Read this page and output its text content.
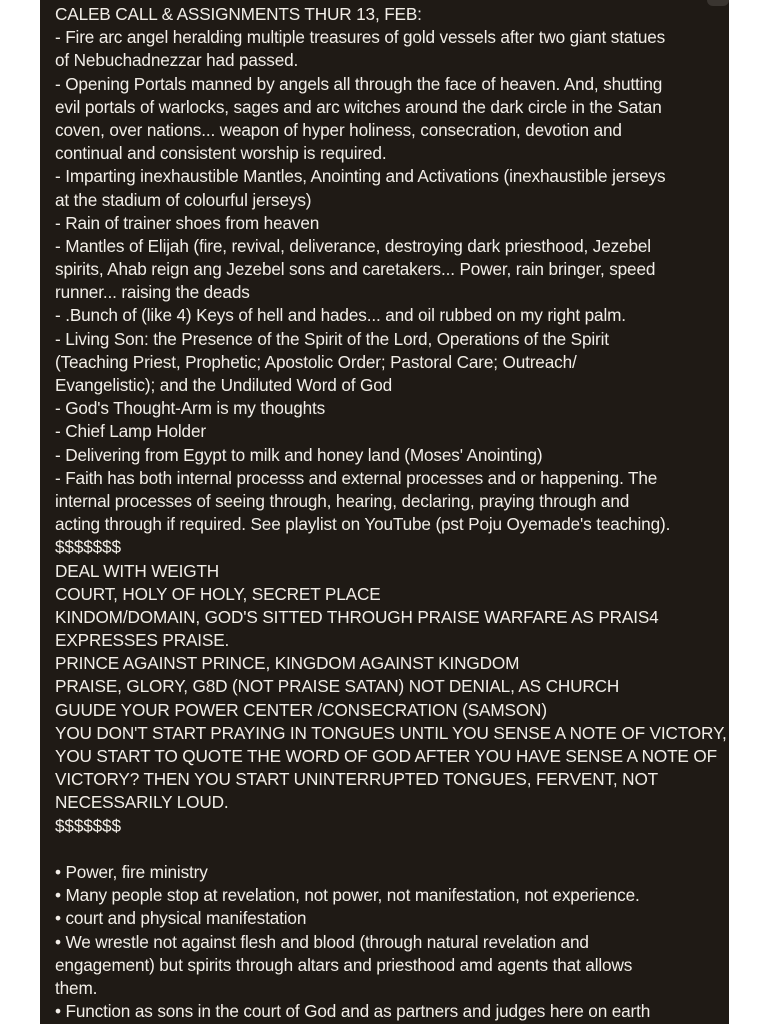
CALEB CALL & ASSIGNMENTS THUR 13, FEB:
- Fire arc angel heralding multiple treasures of gold vessels after two giant statues
of Nebuchadnezzar had passed.
- Opening Portals manned by angels all through the face of heaven. And, shutting
evil portals of warlocks, sages and arc witches around the dark circle in the Satan
coven, over nations... weapon of hyper holiness, consecration, devotion and
continual and consistent worship is required.
- Imparting inexhaustible Mantles, Anointing and Activations (inexhaustible jerseys
at the stadium of colourful jerseys)
- Rain of trainer shoes from heaven
- Mantles of Elijah (fire, revival, deliverance, destroying dark priesthood, Jezebel
spirits, Ahab reign ang Jezebel sons and caretakers... Power, rain bringer, speed
runner... raising the deads
- .Bunch of (like 4) Keys of hell and hades... and oil rubbed on my right palm.
- Living Son: the Presence of the Spirit of the Lord, Operations of the Spirit
(Teaching Priest, Prophetic; Apostolic Order; Pastoral Care; Outreach/
Evangelistic); and the Undiluted Word of God
- God's Thought-Arm is my thoughts
- Chief Lamp Holder
- Delivering from Egypt to milk and honey land (Moses' Anointing)
- Faith has both internal processs and external processes and or happening. The
internal processes of seeing through, hearing, declaring, praying through and
acting through if required. See playlist on YouTube (pst Poju Oyemade's teaching).
$$$$$$$
DEAL WITH WEIGTH
COURT, HOLY OF HOLY, SECRET PLACE
KINDOM/DOMAIN, GOD'S SITTED THROUGH PRAISE WARFARE AS PRAIS4
EXPRESSES PRAISE.
PRINCE AGAINST PRINCE, KINGDOM AGAINST KINGDOM
PRAISE, GLORY, G8D (NOT PRAISE SATAN) NOT DENIAL, AS CHURCH
GUUDE YOUR POWER CENTER /CONSECRATION (SAMSON)
YOU DON'T START PRAYING IN TONGUES UNTIL YOU SENSE A NOTE OF VICTORY,
YOU START TO QUOTE THE WORD OF GOD AFTER YOU HAVE SENSE A NOTE OF
VICTORY? THEN YOU START UNINTERRUPTED TONGUES, FERVENT, NOT
NECESSARILY LOUD.
$$$$$$$
• Power, fire ministry
• Many people stop at revelation, not power, not manifestation, not experience.
• court and physical manifestation
• We wrestle not against flesh and blood (through natural revelation and
engagement) but spirits through altars and priesthood amd agents that allows
them.
• Function as sons in the court of God and as partners and judges here on earth
